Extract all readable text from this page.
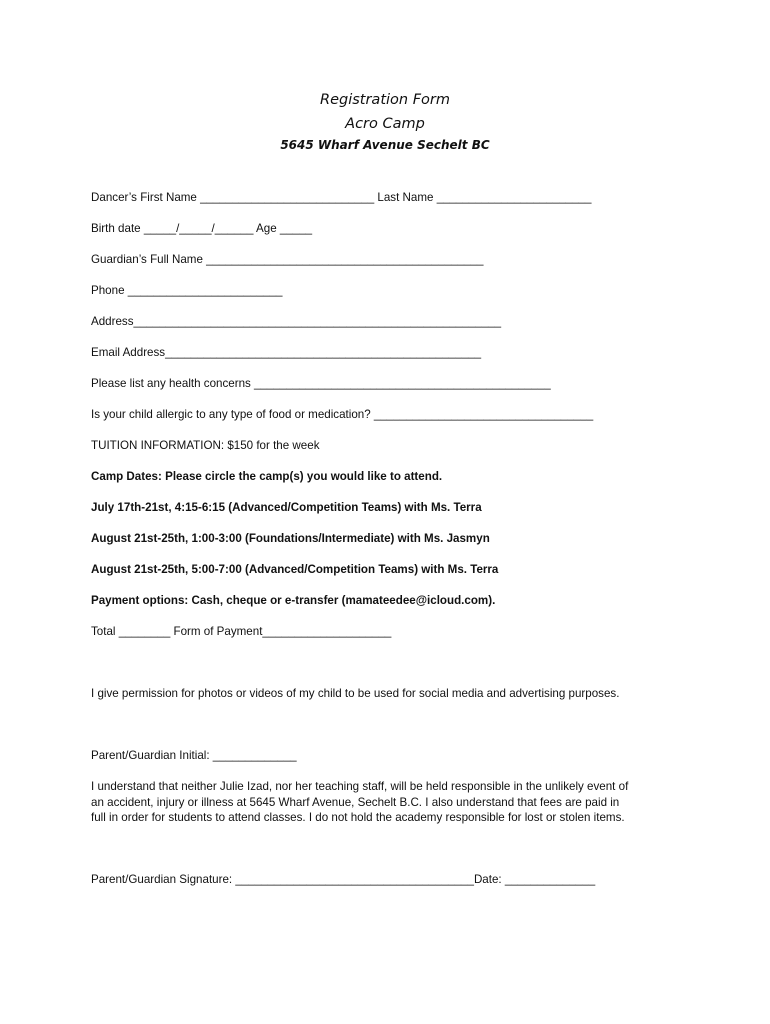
Registration Form
Acro Camp
5645 Wharf Avenue Sechelt BC
Dancer’s First Name ___________________________ Last Name ________________________
Birth date _____/_____/______ Age _____
Guardian’s Full Name ___________________________________________
Phone ________________________
Address_________________________________________________________
Email Address_________________________________________________
Please list any health concerns ______________________________________________
Is your child allergic to any type of food or medication? __________________________________
TUITION INFORMATION: $150 for the week
Camp Dates: Please circle the camp(s) you would like to attend.
July 17th-21st, 4:15-6:15 (Advanced/Competition Teams) with Ms. Terra
August 21st-25th, 1:00-3:00 (Foundations/Intermediate) with Ms. Jasmyn
August 21st-25th, 5:00-7:00 (Advanced/Competition Teams) with Ms. Terra
Payment options: Cash, cheque or e-transfer (mamateedee@icloud.com).
Total ________ Form of Payment____________________
I give permission for photos or videos of my child to be used for social media and advertising purposes.
Parent/Guardian Initial: _____________
I understand that neither Julie Izad, nor her teaching staff, will be held responsible in the unlikely event of
an accident, injury or illness at 5645 Wharf Avenue, Sechelt B.C. I also understand that fees are paid in
full in order for students to attend classes. I do not hold the academy responsible for lost or stolen items.
Parent/Guardian Signature: _____________________________________Date: ______________
